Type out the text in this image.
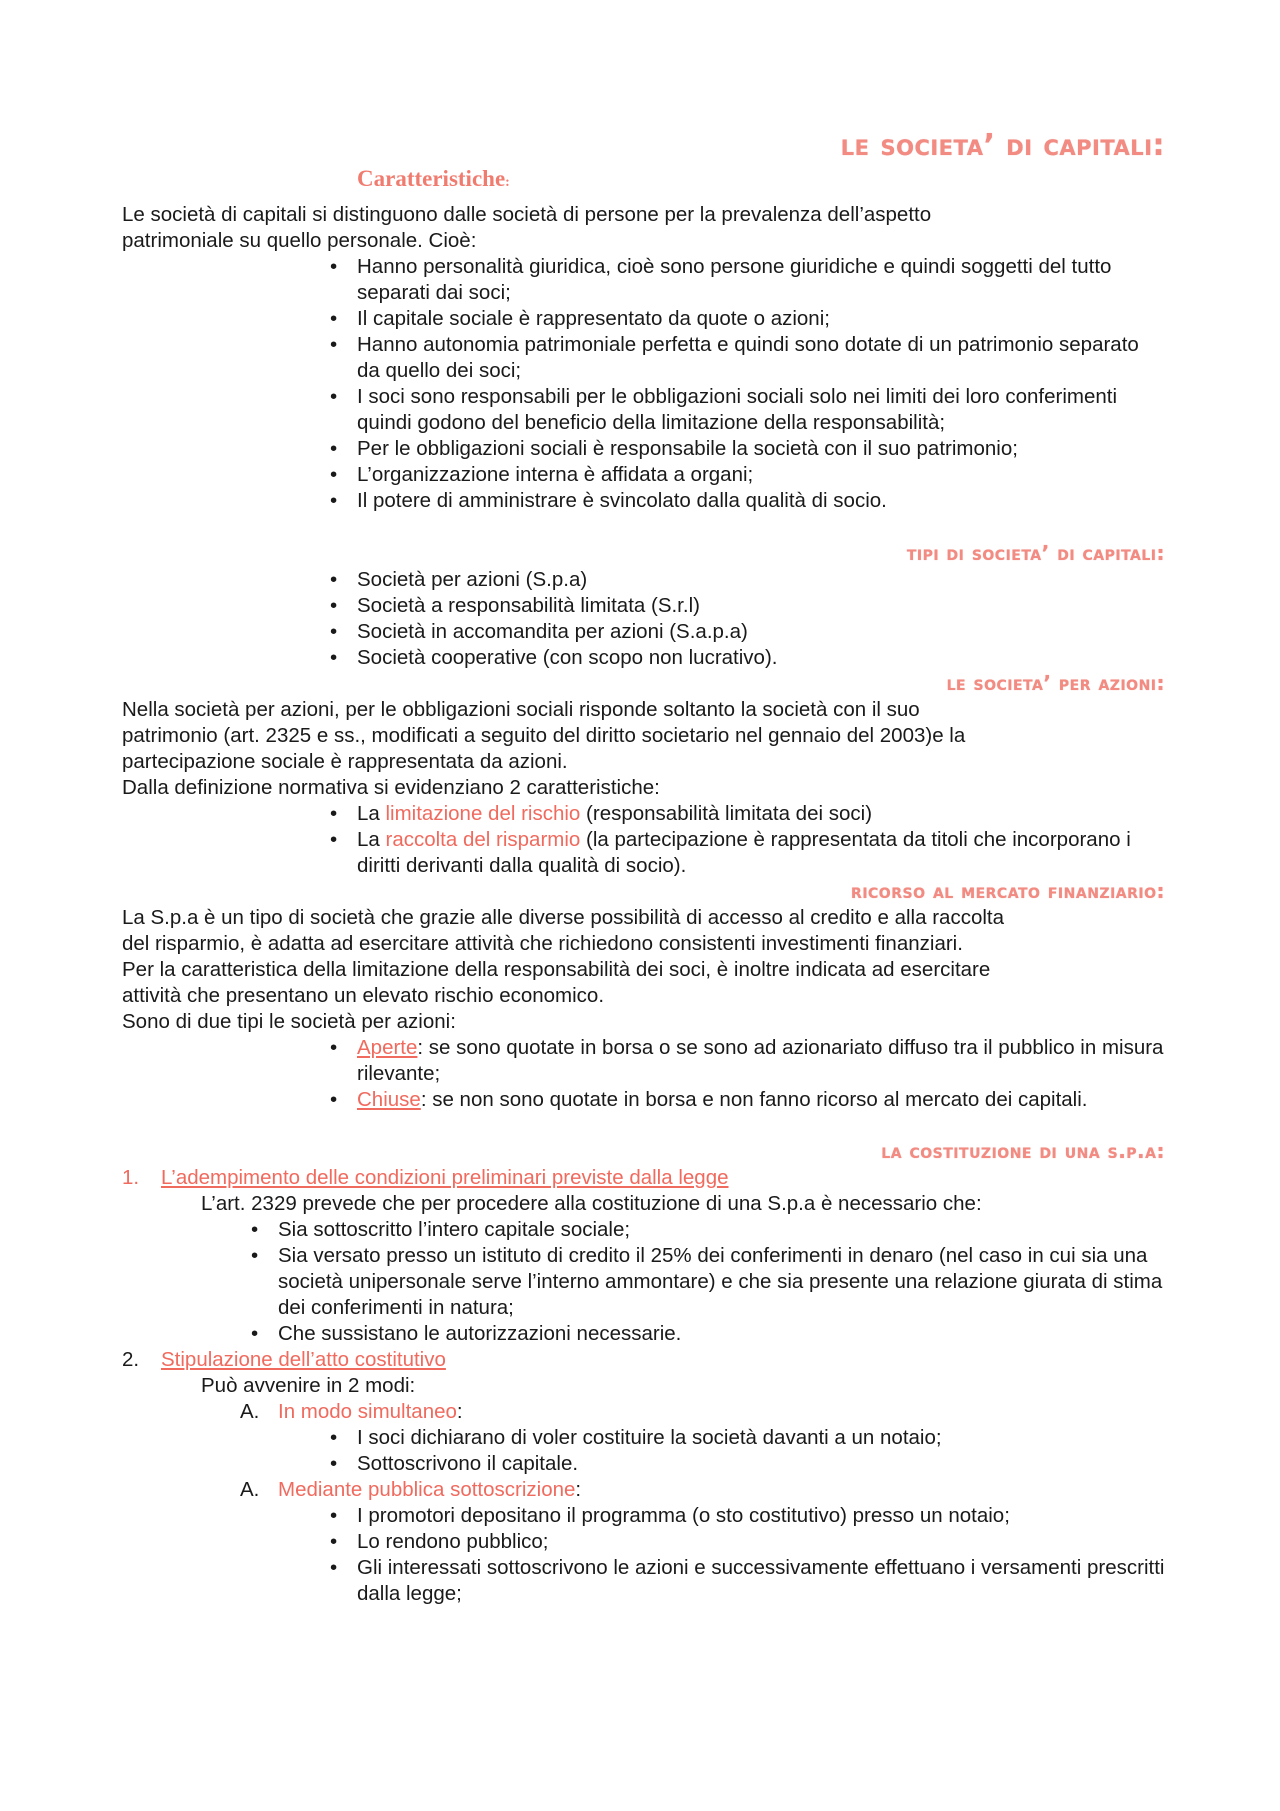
le societa’ di capitali:
Caratteristiche:

Le società di capitali si distinguono dalle società di persone per la prevalenza dell’aspetto
patrimoniale su quello personale. Cioè:

• Hanno personalità giuridica, cioè sono persone giuridiche e quindi soggetti del tutto separati dai soci;
• Il capitale sociale è rappresentato da quote o azioni;
• Hanno autonomia patrimoniale perfetta e quindi sono dotate di un patrimonio separato da quello dei soci;
• I soci sono responsabili per le obbligazioni sociali solo nei limiti dei loro conferimenti quindi godono del beneficio della limitazione della responsabilità;
• Per le obbligazioni sociali è responsabile la società con il suo patrimonio;
• L’organizzazione interna è affidata a organi;
• Il potere di amministrare è svincolato dalla qualità di socio.
tipi di societa’ di capitali:
• Società per azioni (S.p.a)
• Società a responsabilità limitata (S.r.l)
• Società in accomandita per azioni (S.a.p.a)
• Società cooperative (con scopo non lucrativo).
le societa’ per azioni:

Nella società per azioni, per le obbligazioni sociali risponde soltanto la società con il suo
patrimonio (art. 2325 e ss., modificati a seguito del diritto societario nel gennaio del 2003)e la
partecipazione sociale è rappresentata da azioni.
Dalla definizione normativa si evidenziano 2 caratteristiche:

• La limitazione del rischio (responsabilità limitata dei soci)
• La raccolta del risparmio (la partecipazione è rappresentata da titoli che incorporano i diritti derivanti dalla qualità di socio).
ricorso al mercato finanziario:

La S.p.a è un tipo di società che grazie alle diverse possibilità di accesso al credito e alla raccolta
del risparmio, è adatta ad esercitare attività che richiedono consistenti investimenti finanziari.
Per la caratteristica della limitazione della responsabilità dei soci, è inoltre indicata ad esercitare
attività che presentano un elevato rischio economico.
Sono di due tipi le società per azioni:

• Aperte: se sono quotate in borsa o se sono ad azionariato diffuso tra il pubblico in misura rilevante;
• Chiuse: se non sono quotate in borsa e non fanno ricorso al mercato dei capitali.
la costituzione di una s.p.a:
1. L’adempimento delle condizioni preliminari previste dalla legge
L’art. 2329 prevede che per procedere alla costituzione di una S.p.a è necessario che:
• Sia sottoscritto l’intero capitale sociale;
• Sia versato presso un istituto di credito il 25% dei conferimenti in denaro (nel caso in cui sia una società unipersonale serve l’interno ammontare) e che sia presente una relazione giurata di stima dei conferimenti in natura;
• Che sussistano le autorizzazioni necessarie.
2. Stipulazione dell’atto costitutivo
Può avvenire in 2 modi:
A. In modo simultaneo:
• I soci dichiarano di voler costituire la società davanti a un notaio;
• Sottoscrivono il capitale.
A. Mediante pubblica sottoscrizione:
• I promotori depositano il programma (o sto costitutivo) presso un notaio;
• Lo rendono pubblico;
• Gli interessati sottoscrivono le azioni e successivamente effettuano i versamenti prescritti dalla legge;
